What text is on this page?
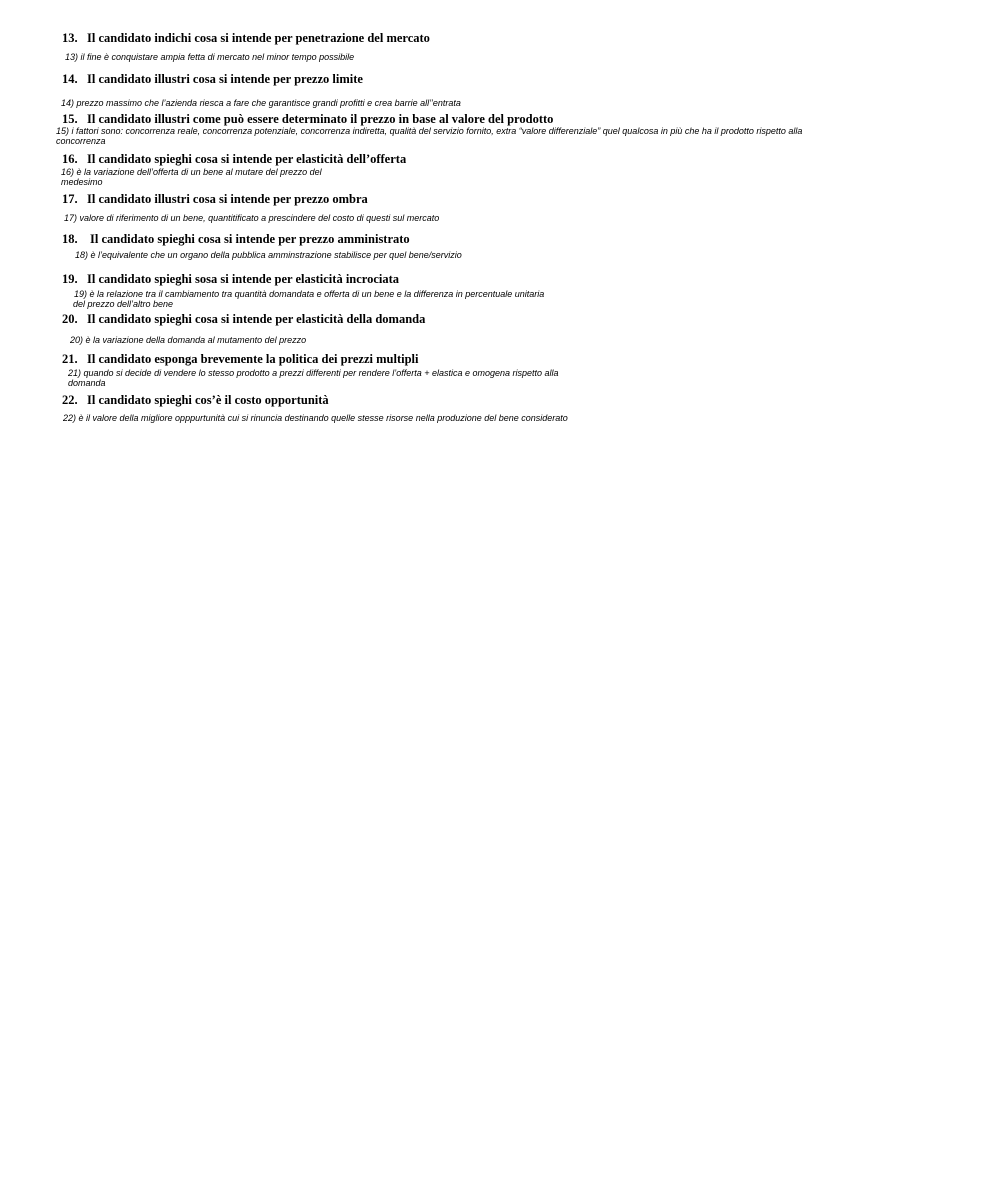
13. Il candidato indichi cosa si intende per penetrazione del mercato
13) il fine è conquistare ampia fetta di mercato nel minor tempo possibile
14. Il candidato illustri cosa si intende per prezzo limite
14) prezzo massimo che l’azienda riesca a fare che garantisce grandi profitti e crea barrie all’’entrata
15. Il candidato illustri come può essere determinato il prezzo in base al valore del prodotto
15) i fattori sono: concorrenza reale, concorrenza potenziale, concorrenza indiretta, qualità del servizio fornito, extra “valore differenziale” quel qualcosa in più che ha il prodotto rispetto alla
concorrenza
16. Il candidato spieghi cosa si intende per elasticità dell’offerta
16) è la variazione dell’offerta di un bene al mutare del prezzo del
medesimo
17. Il candidato illustri cosa si intende per prezzo ombra
17) valore di riferimento di un bene, quantitificato a prescindere del costo di questi sul mercato
18. Il candidato spieghi cosa si intende per prezzo amministrato
18) è l’equivalente che un organo della pubblica amminstrazione stabilisce per quel bene/servizio
19. Il candidato spieghi sosa si intende per elasticità incrociata
19) è la relazione tra il cambiamento tra quantità domandata e offerta di un bene e la differenza in percentuale unitaria
del prezzo dell’altro bene
20. Il candidato spieghi cosa si intende per elasticità della domanda
20) è la variazione della domanda al mutamento del prezzo
21. Il candidato esponga brevemente la politica dei prezzi multipli
21) quando si decide di vendere lo stesso prodotto a prezzi differenti per rendere l’offerta + elastica e omogena rispetto alla
domanda
22. Il candidato spieghi cos’è il costo opportunità
22) è il valore della migliore opppurtunità cui si rinuncia destinando quelle stesse risorse nella produzione del bene considerato
